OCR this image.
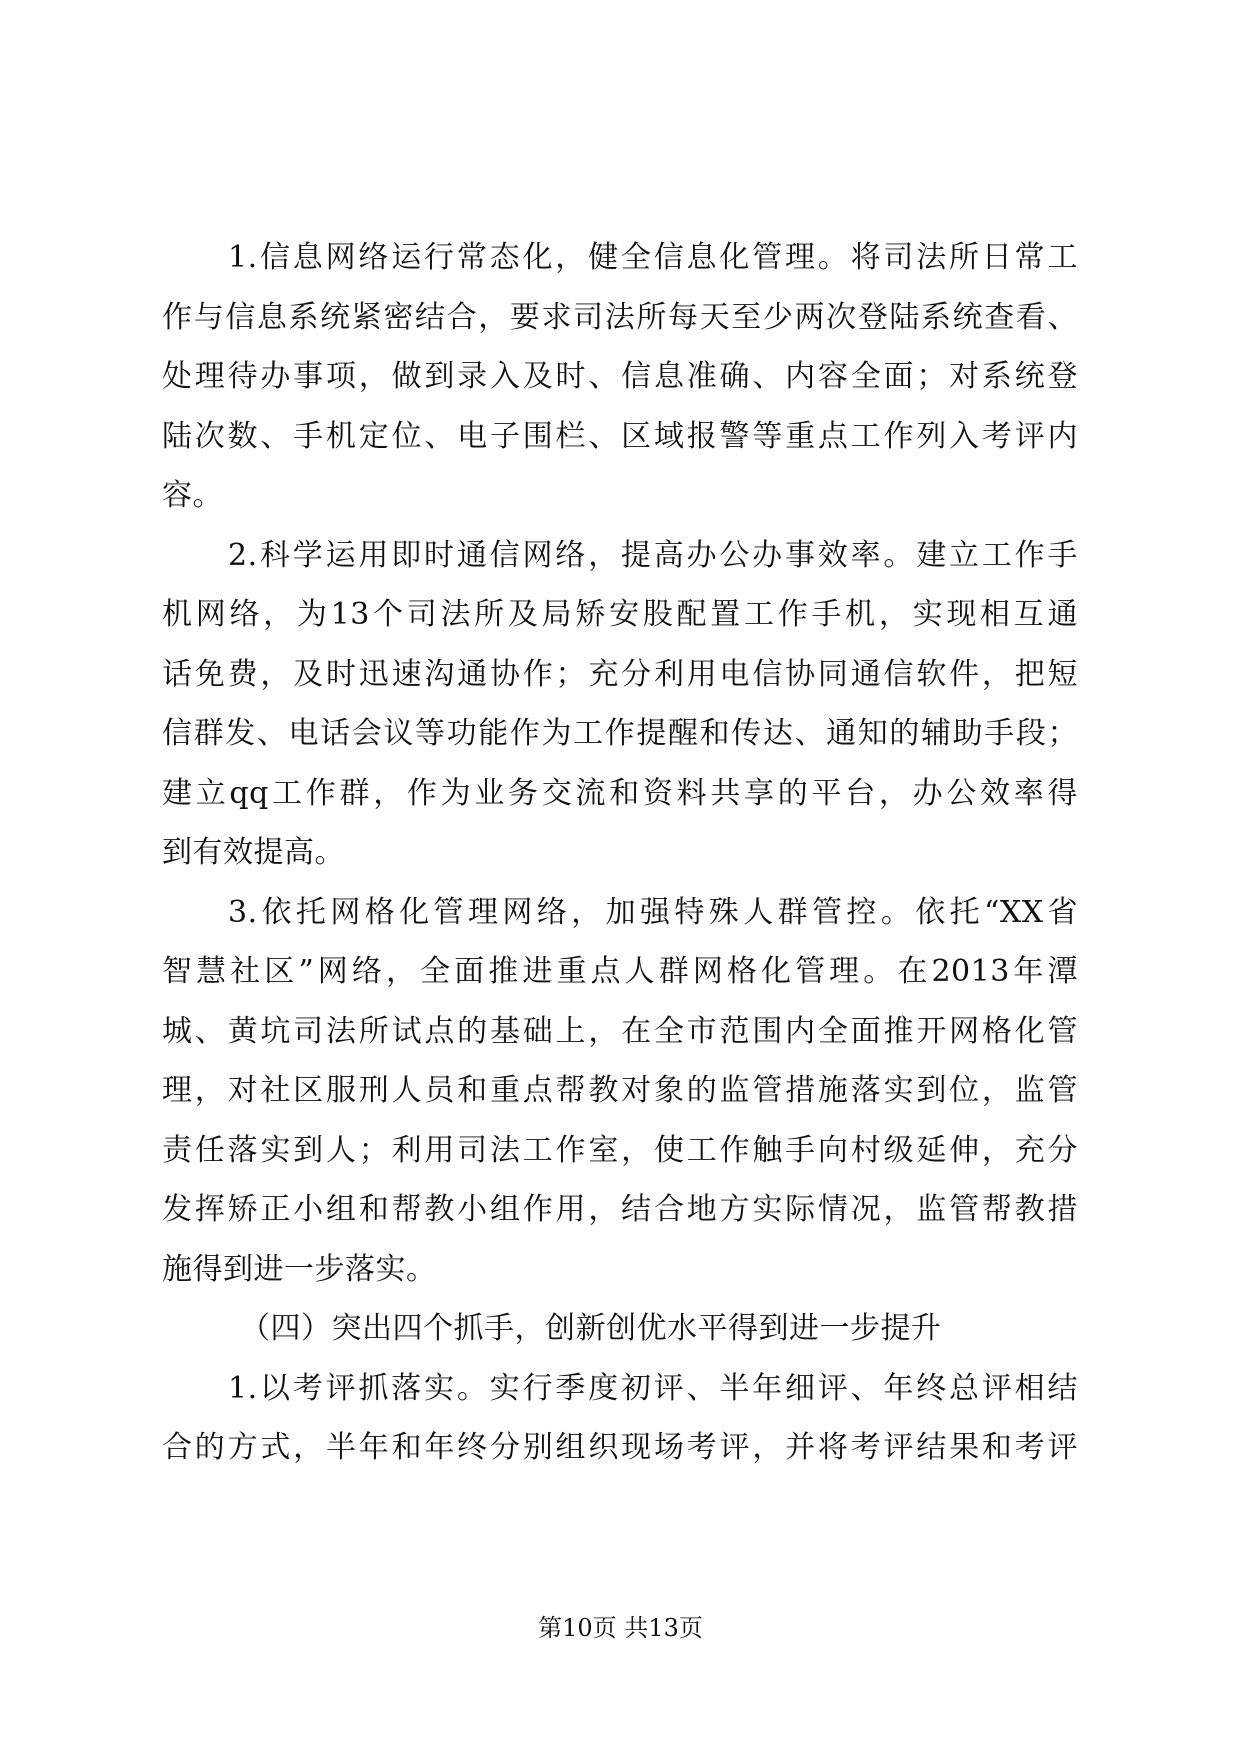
1.信息网络运行常态化，健全信息化管理。将司法所日常工
作与信息系统紧密结合，要求司法所每天至少两次登陆系统查看、
处理待办事项，做到录入及时、信息准确、内容全面；对系统登
陆次数、手机定位、电子围栏、区域报警等重点工作列入考评内
容。
2.科学运用即时通信网络，提高办公办事效率。建立工作手
机网络，为13个司法所及局矫安股配置工作手机，实现相互通
话免费，及时迅速沟通协作；充分利用电信协同通信软件，把短
信群发、电话会议等功能作为工作提醒和传达、通知的辅助手段；
建立qq工作群，作为业务交流和资料共享的平台，办公效率得
到有效提高。
3.依托网格化管理网络，加强特殊人群管控。依托“XX省
智慧社区”网络，全面推进重点人群网格化管理。在2013年潭
城、黄坑司法所试点的基础上，在全市范围内全面推开网格化管
理，对社区服刑人员和重点帮教对象的监管措施落实到位，监管
责任落实到人；利用司法工作室，使工作触手向村级延伸，充分
发挥矫正小组和帮教小组作用，结合地方实际情况，监管帮教措
施得到进一步落实。
（四）突出四个抓手，创新创优水平得到进一步提升
1.以考评抓落实。实行季度初评、半年细评、年终总评相结
合的方式，半年和年终分别组织现场考评，并将考评结果和考评
第10页 共13页
